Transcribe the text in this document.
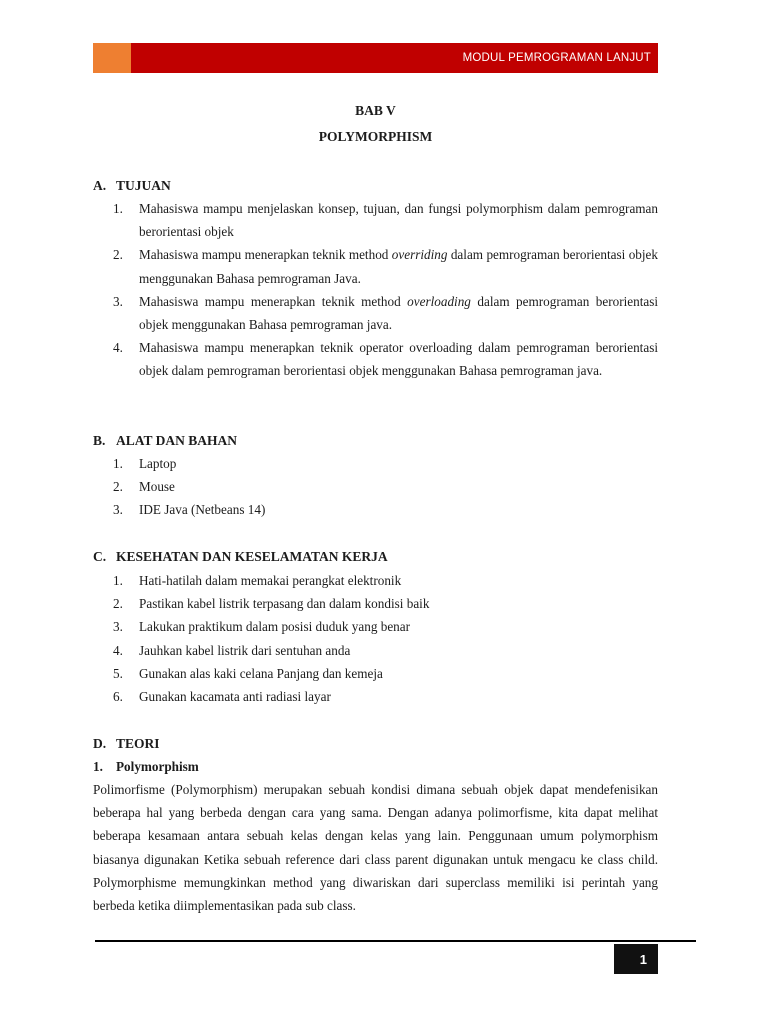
MODUL PEMROGRAMAN LANJUT
BAB V
POLYMORPHISM
A. TUJUAN
1.	Mahasiswa mampu menjelaskan konsep, tujuan, dan fungsi polymorphism dalam pemrograman berorientasi objek
2.	Mahasiswa mampu menerapkan teknik method overriding dalam pemrograman berorientasi objek menggunakan Bahasa pemrograman Java.
3.	Mahasiswa mampu menerapkan teknik method overloading dalam pemrograman berorientasi objek menggunakan Bahasa pemrograman java.
4.	Mahasiswa mampu menerapkan teknik operator overloading dalam pemrograman berorientasi objek dalam pemrograman berorientasi objek menggunakan Bahasa pemrograman java.
B. ALAT DAN BAHAN
1.	Laptop
2.	Mouse
3.	IDE Java (Netbeans 14)
C. KESEHATAN DAN KESELAMATAN KERJA
1.	Hati-hatilah dalam memakai perangkat elektronik
2.	Pastikan kabel listrik terpasang dan dalam kondisi baik
3.	Lakukan praktikum dalam posisi duduk yang benar
4.	Jauhkan kabel listrik dari sentuhan anda
5.	Gunakan alas kaki celana Panjang dan kemeja
6.	Gunakan kacamata anti radiasi layar
D. TEORI
1. Polymorphism

Polimorfisme (Polymorphism) merupakan sebuah kondisi dimana sebuah objek dapat mendefenisikan beberapa hal yang berbeda dengan cara yang sama. Dengan adanya polimorfisme, kita dapat melihat beberapa kesamaan antara sebuah kelas dengan kelas yang lain. Penggunaan umum polymorphism biasanya digunakan Ketika sebuah reference dari class parent digunakan untuk mengacu ke class child. Polymorphisme memungkinkan method yang diwariskan dari superclass memiliki isi perintah yang berbeda ketika diimplementasikan pada sub class.

1
